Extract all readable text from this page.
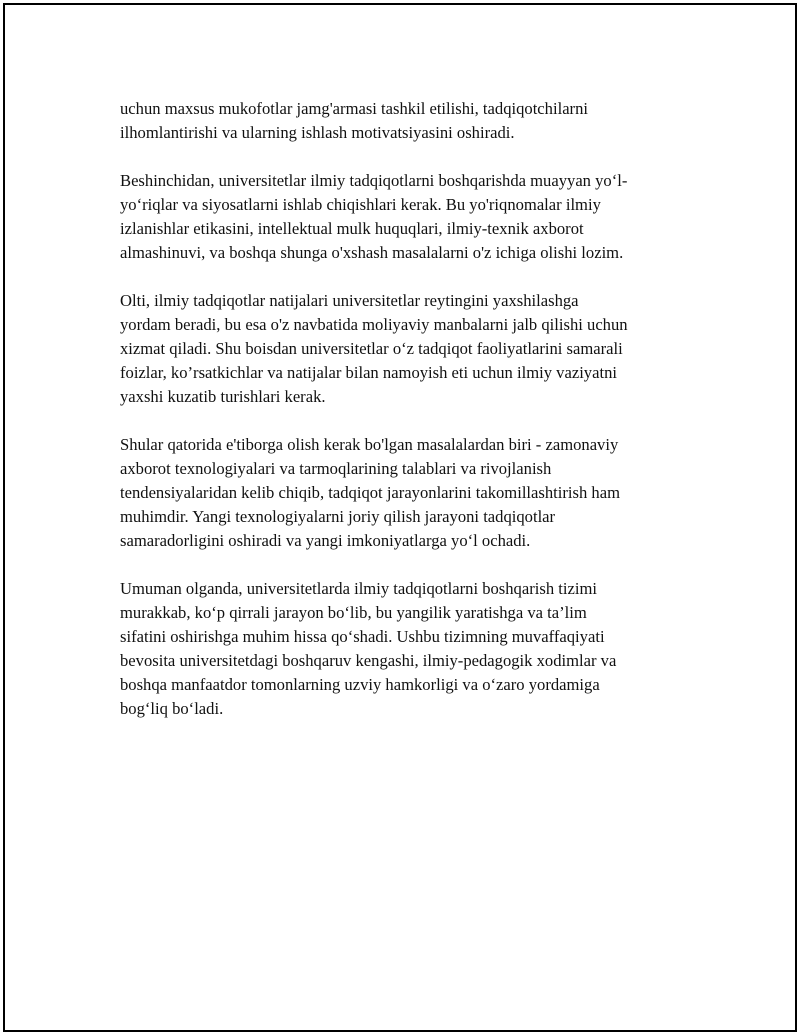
uchun maxsus mukofotlar jamg'armasi tashkil etilishi, tadqiqotchilarni
ilhomlantirishi va ularning ishlash motivatsiyasini oshiradi.

Beshinchidan, universitetlar ilmiy tadqiqotlarni boshqarishda muayyan yo‘l-
yo‘riqlar va siyosatlarni ishlab chiqishlari kerak. Bu yo'riqnomalar ilmiy
izlanishlar etikasini, intellektual mulk huquqlari, ilmiy-texnik axborot
almashinuvi, va boshqa shunga o'xshash masalalarni o'z ichiga olishi lozim.

Olti, ilmiy tadqiqotlar natijalari universitetlar reytingini yaxshilashga
yordam beradi, bu esa o'z navbatida moliyaviy manbalarni jalb qilishi uchun
xizmat qiladi. Shu boisdan universitetlar o‘z tadqiqot faoliyatlarini samarali
foizlar, ko’rsatkichlar va natijalar bilan namoyish eti uchun ilmiy vaziyatni
yaxshi kuzatib turishlari kerak.

Shular qatorida e'tiborga olish kerak bo'lgan masalalardan biri - zamonaviy
axborot texnologiyalari va tarmoqlarining talablari va rivojlanish
tendensiyalaridan kelib chiqib, tadqiqot jarayonlarini takomillashtirish ham
muhimdir. Yangi texnologiyalarni joriy qilish jarayoni tadqiqotlar
samaradorligini oshiradi va yangi imkoniyatlarga yo‘l ochadi.

Umuman olganda, universitetlarda ilmiy tadqiqotlarni boshqarish tizimi
murakkab, ko‘p qirrali jarayon bo‘lib, bu yangilik yaratishga va ta’lim
sifatini oshirishga muhim hissa qo‘shadi. Ushbu tizimning muvaffaqiyati
bevosita universitetdagi boshqaruv kengashi, ilmiy-pedagogik xodimlar va
boshqa manfaatdor tomonlarning uzviy hamkorligi va o‘zaro yordamiga
bog‘liq bo‘ladi.
